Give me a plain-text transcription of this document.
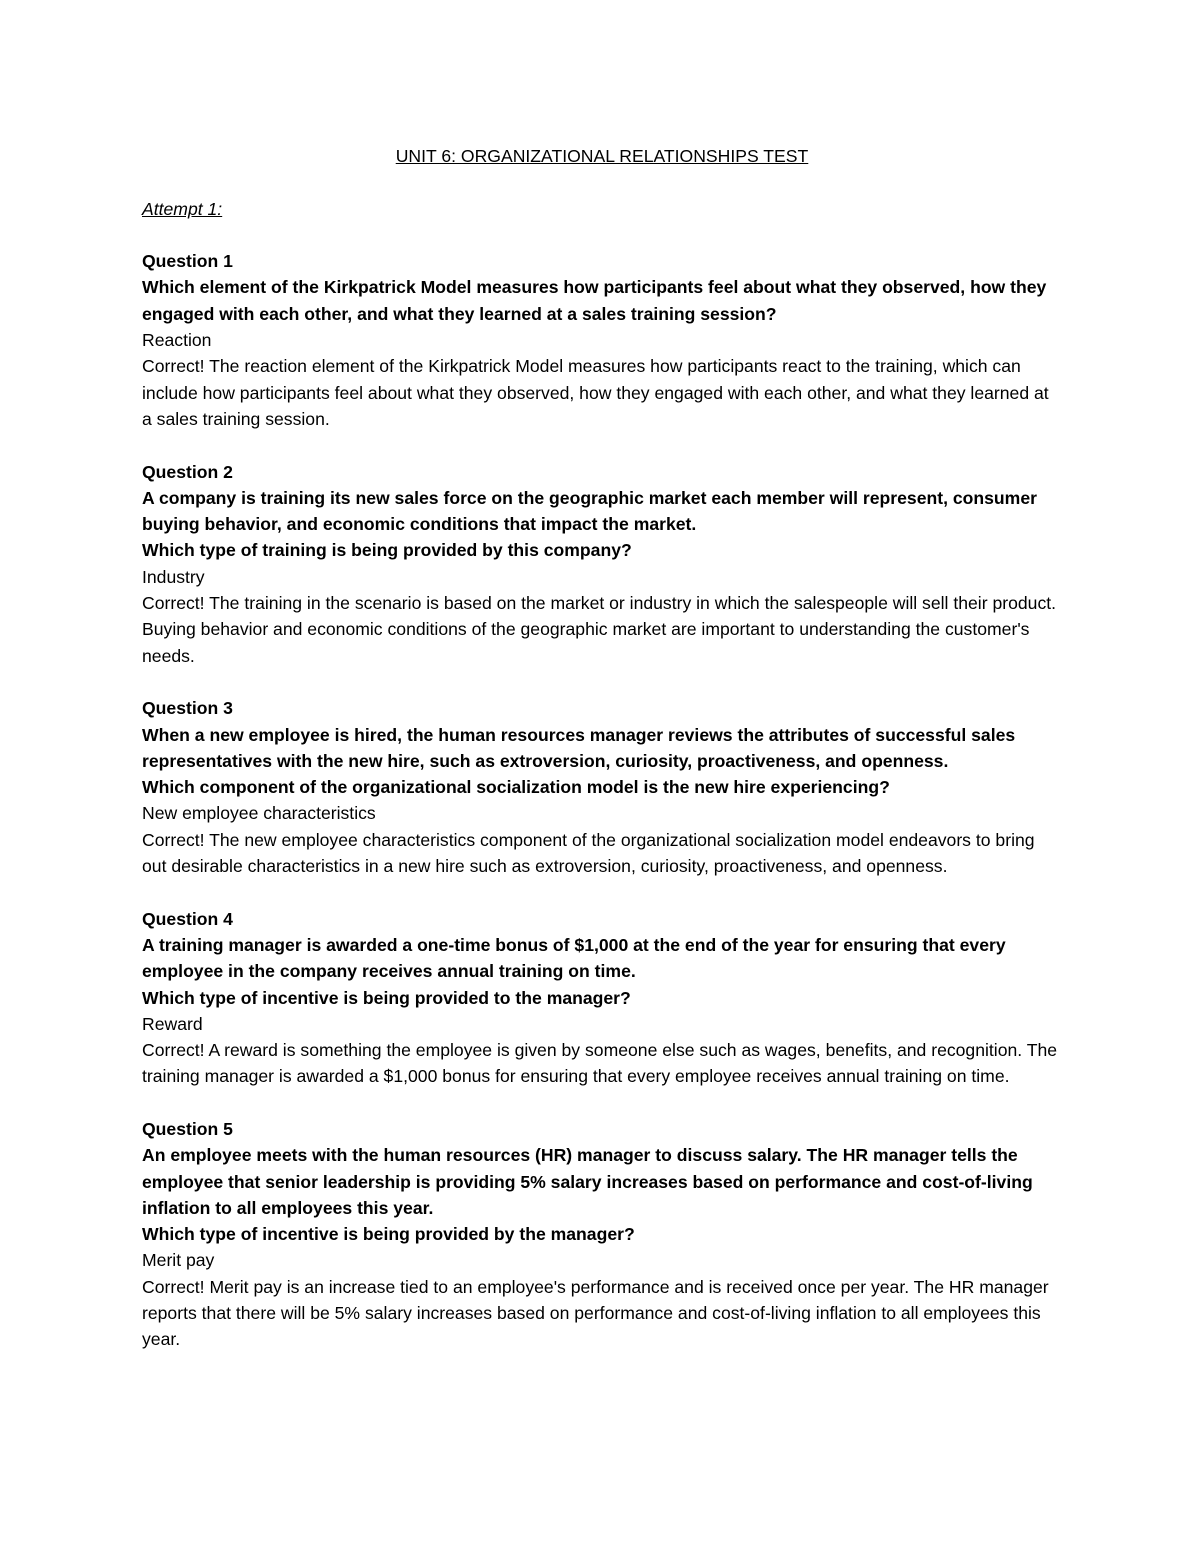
UNIT 6: ORGANIZATIONAL RELATIONSHIPS TEST

Attempt 1:

Question 1

Which element of the Kirkpatrick Model measures how participants feel about what they observed, how they engaged with each other, and what they learned at a sales training session?

Reaction

Correct! The reaction element of the Kirkpatrick Model measures how participants react to the training, which can include how participants feel about what they observed, how they engaged with each other, and what they learned at a sales training session.

Question 2

A company is training its new sales force on the geographic market each member will represent, consumer buying behavior, and economic conditions that impact the market.

Which type of training is being provided by this company?

Industry

Correct! The training in the scenario is based on the market or industry in which the salespeople will sell their product. Buying behavior and economic conditions of the geographic market are important to understanding the customer's needs.

Question 3

When a new employee is hired, the human resources manager reviews the attributes of successful sales representatives with the new hire, such as extroversion, curiosity, proactiveness, and openness.

Which component of the organizational socialization model is the new hire experiencing?

New employee characteristics

Correct! The new employee characteristics component of the organizational socialization model endeavors to bring out desirable characteristics in a new hire such as extroversion, curiosity, proactiveness, and openness.

Question 4

A training manager is awarded a one-time bonus of $1,000 at the end of the year for ensuring that every employee in the company receives annual training on time.

Which type of incentive is being provided to the manager?

Reward

Correct! A reward is something the employee is given by someone else such as wages, benefits, and recognition. The training manager is awarded a $1,000 bonus for ensuring that every employee receives annual training on time.

Question 5

An employee meets with the human resources (HR) manager to discuss salary. The HR manager tells the employee that senior leadership is providing 5% salary increases based on performance and cost-of-living inflation to all employees this year.

Which type of incentive is being provided by the manager?

Merit pay

Correct! Merit pay is an increase tied to an employee's performance and is received once per year. The HR manager reports that there will be 5% salary increases based on performance and cost-of-living inflation to all employees this year.
